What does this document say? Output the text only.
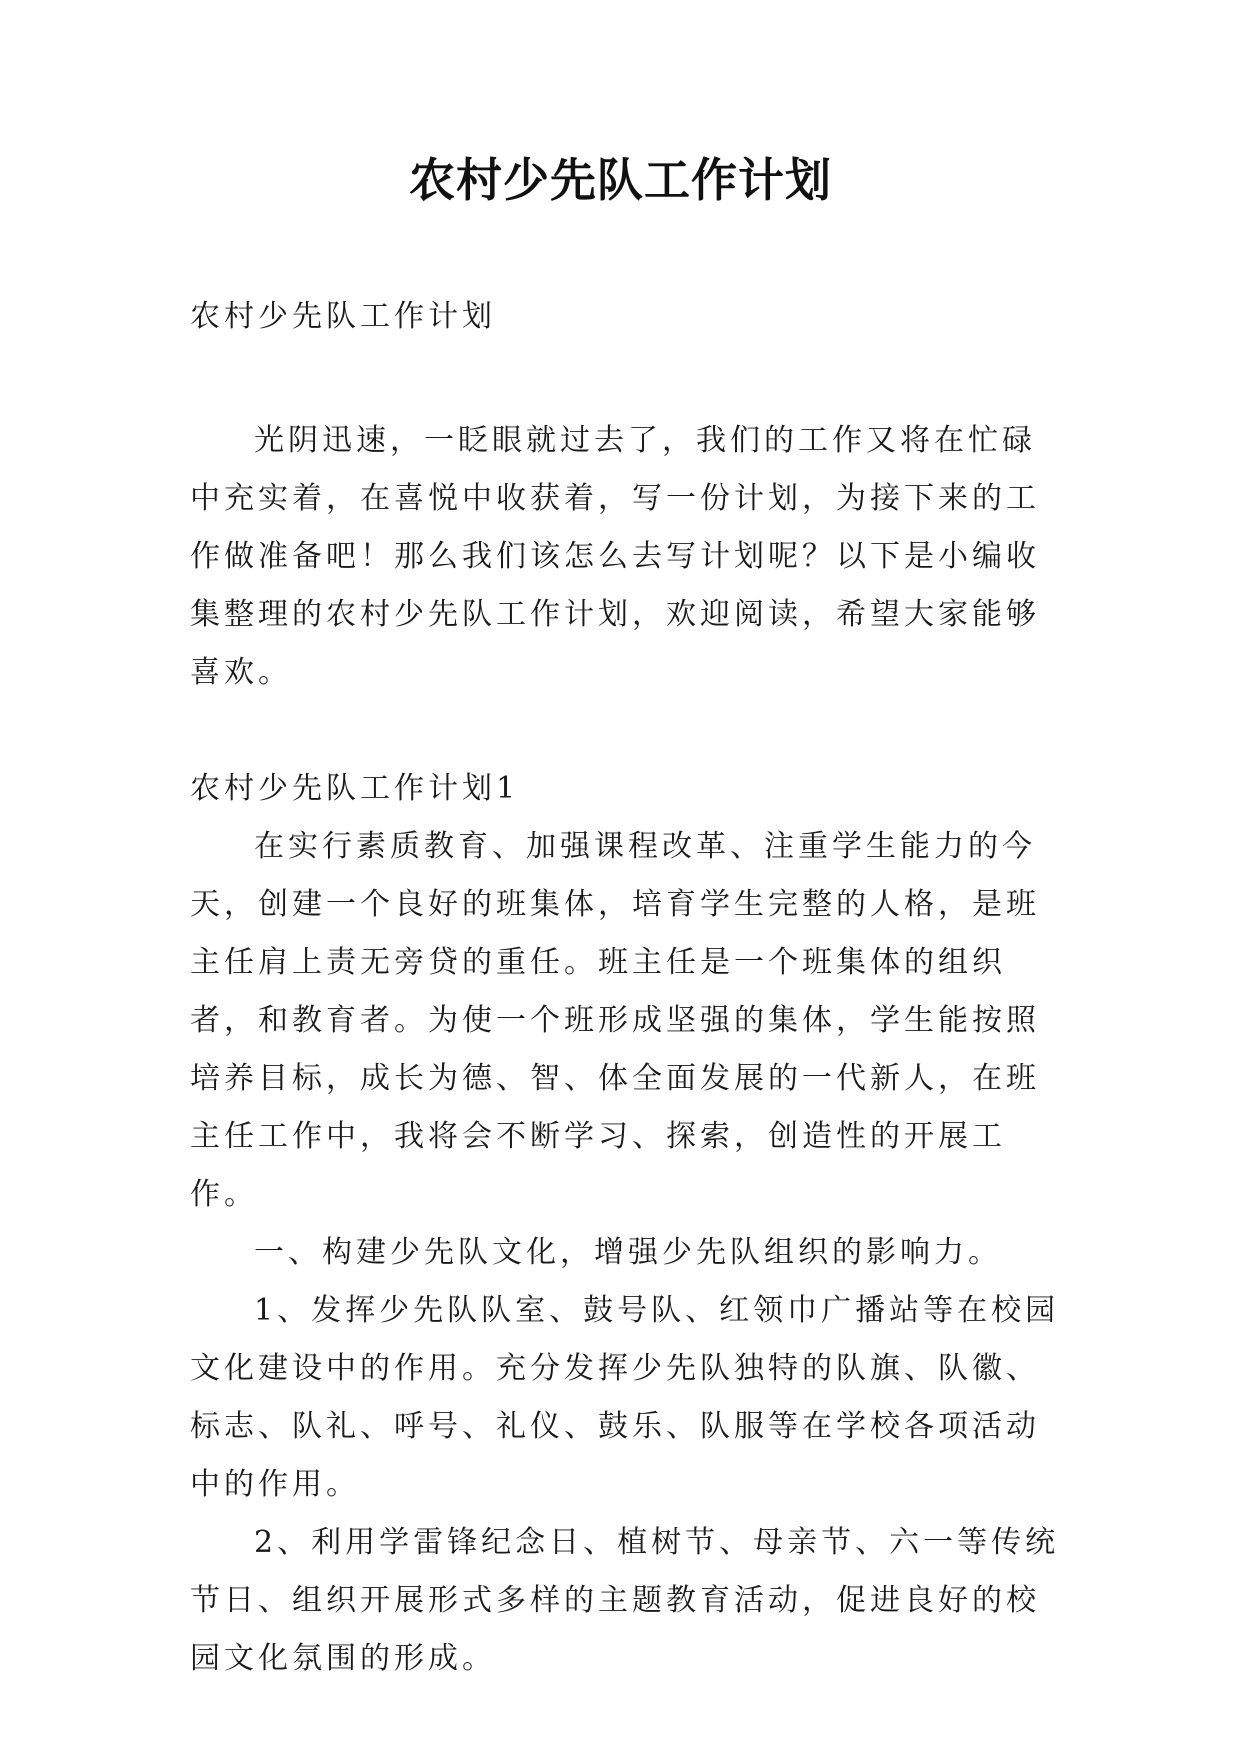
农村少先队工作计划

农村少先队工作计划

光阴迅速，一眨眼就过去了，我们的工作又将在忙碌中充实着，在喜悦中收获着，写一份计划，为接下来的工作做准备吧！那么我们该怎么去写计划呢？以下是小编收集整理的农村少先队工作计划，欢迎阅读，希望大家能够喜欢。

农村少先队工作计划1

在实行素质教育、加强课程改革、注重学生能力的今天，创建一个良好的班集体，培育学生完整的人格，是班主任肩上责无旁贷的重任。班主任是一个班集体的组织者，和教育者。为使一个班形成坚强的集体，学生能按照培养目标，成长为德、智、体全面发展的一代新人，在班主任工作中，我将会不断学习、探索，创造性的开展工作。

一、构建少先队文化，增强少先队组织的影响力。

1、发挥少先队队室、鼓号队、红领巾广播站等在校园文化建设中的作用。充分发挥少先队独特的队旗、队徽、标志、队礼、呼号、礼仪、鼓乐、队服等在学校各项活动中的作用。

2、利用学雷锋纪念日、植树节、母亲节、六一等传统节日、组织开展形式多样的主题教育活动，促进良好的校园文化氛围的形成。
